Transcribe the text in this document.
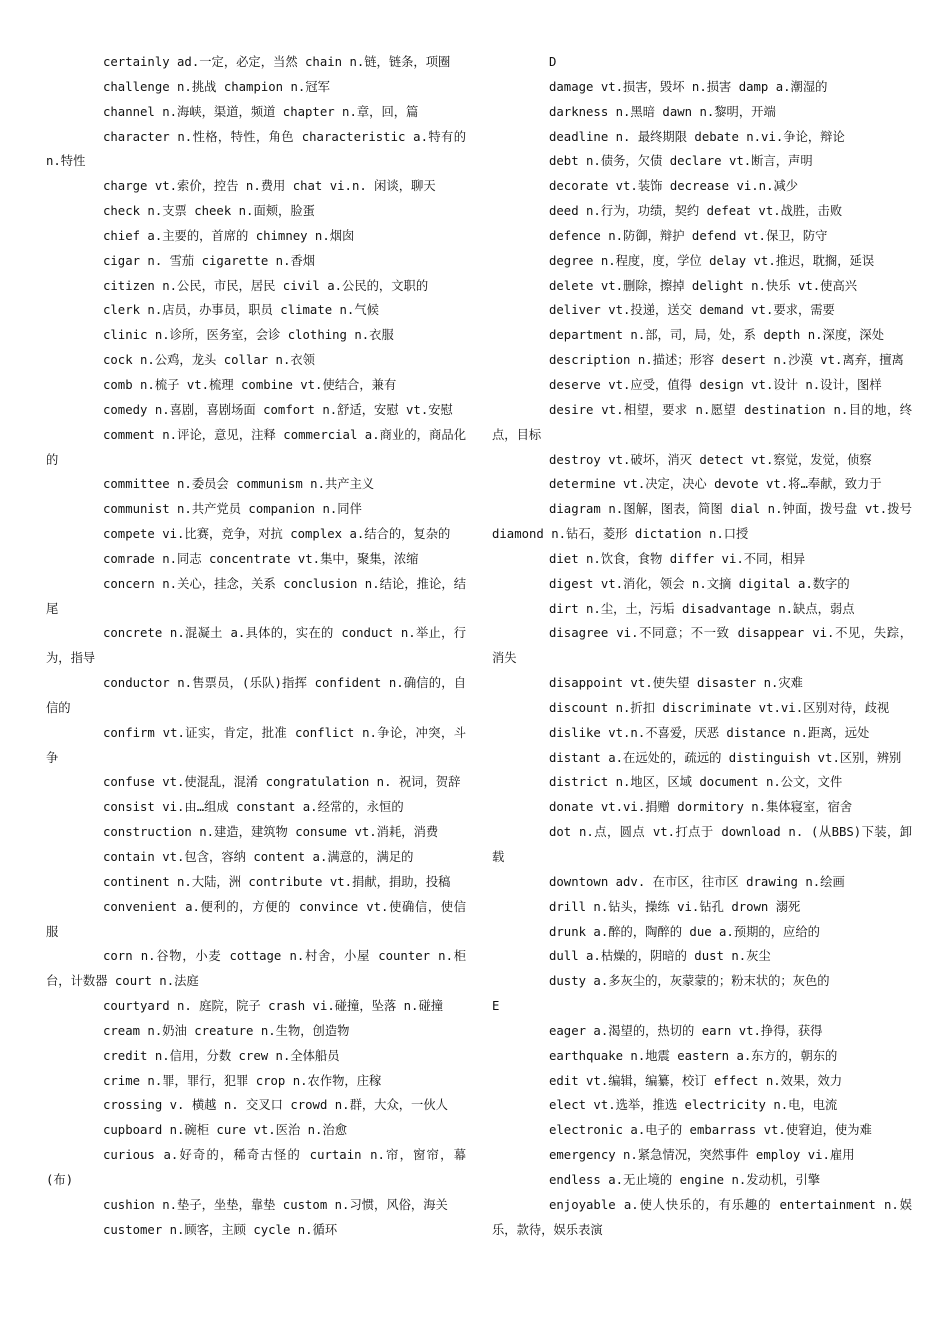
certainly ad.一定，必定，当然 chain n.链，链条，项圈

challenge n.挑战 champion n.冠军

channel n.海峡，渠道，频道 chapter n.章，回，篇

character n.性格，特性，角色 characteristic a.特有的 n.特性

charge vt.索价，控告 n.费用 chat vi.n. 闲谈，聊天

check n.支票 cheek n.面颊，脸蛋

chief a.主要的，首席的 chimney n.烟囱

cigar n. 雪茄 cigarette n.香烟

citizen n.公民，市民，居民 civil a.公民的，文职的

clerk n.店员，办事员，职员 climate n.气候

clinic n.诊所，医务室，会诊 clothing n.衣服

cock n.公鸡，龙头 collar n.衣领

comb n.梳子 vt.梳理 combine vt.使结合，兼有

comedy n.喜剧，喜剧场面 comfort n.舒适，安慰 vt.安慰

comment n.评论，意见，注释 commercial a.商业的，商品化的

committee n.委员会 communism n.共产主义

communist n.共产党员 companion n.同伴

compete vi.比赛，竞争，对抗 complex a.结合的，复杂的

comrade n.同志 concentrate vt.集中，聚集，浓缩

concern n.关心，挂念，关系 conclusion n.结论，推论，结尾

concrete n.混凝土 a.具体的，实在的 conduct n.举止，行为，指导

conductor n.售票员，(乐队)指挥 confident n.确信的，自信的

confirm vt.证实，肯定，批准 conflict n.争论，冲突，斗争

confuse vt.使混乱，混淆 congratulation n. 祝词，贺辞

consist vi.由…组成 constant a.经常的，永恒的

construction n.建造，建筑物 consume vt.消耗，消费

contain vt.包含，容纳 content a.满意的，满足的

continent n.大陆，洲 contribute vt.捐献，捐助，投稿

convenient a.便利的，方便的 convince vt.使确信，使信服

corn n.谷物，小麦 cottage n.村舍，小屋 counter n.柜台，计数器 court n.法庭

courtyard n. 庭院，院子 crash vi.碰撞，坠落 n.碰撞

cream n.奶油 creature n.生物，创造物

credit n.信用，分数 crew n.全体船员

crime n.罪，罪行，犯罪 crop n.农作物，庄稼

crossing v. 横越 n. 交叉口 crowd n.群，大众，一伙人

cupboard n.碗柜 cure vt.医治 n.治愈

curious a.好奇的，稀奇古怪的 curtain n.帘，窗帘，幕(布)

cushion n.垫子，坐垫，靠垫 custom n.习惯，风俗，海关

customer n.顾客，主顾 cycle n.循环

D

damage vt.损害，毁坏 n.损害 damp a.潮湿的

darkness n.黑暗 dawn n.黎明，开端

deadline n. 最终期限 debate n.vi.争论，辩论

debt n.债务，欠债 declare vt.断言，声明

decorate vt.装饰 decrease vi.n.减少

deed n.行为，功绩，契约 defeat vt.战胜，击败

defence n.防御，辩护 defend vt.保卫，防守

degree n.程度，度，学位 delay vt.推迟，耽搁，延误

delete vt.删除，擦掉 delight n.快乐 vt.使高兴

deliver vt.投递，送交 demand vt.要求，需要

department n.部，司，局，处，系 depth n.深度，深处

description n.描述；形容 desert n.沙漠 vt.离弃，擅离

deserve vt.应受，值得 design vt.设计 n.设计，图样

desire vt.相望，要求 n.愿望 destination n.目的地，终点，目标

destroy vt.破坏，消灭 detect vt.察觉，发觉，侦察

determine vt.决定，决心 devote vt.将…奉献，致力于

diagram n.图解，图表，简图 dial n.钟面，拨号盘 vt.拨号 diamond n.钻石，菱形 dictation n.口授

diet n.饮食，食物 differ vi.不同，相异

digest vt.消化，领会 n.文摘 digital a.数字的

dirt n.尘，土，污垢 disadvantage n.缺点，弱点

disagree vi.不同意；不一致 disappear vi.不见，失踪，消失

disappoint vt.使失望 disaster n.灾难

discount n.折扣 discriminate vt.vi.区别对待，歧视

dislike vt.n.不喜爱，厌恶 distance n.距离，远处

distant a.在远处的，疏远的 distinguish vt.区别，辨别

district n.地区，区域 document n.公文，文件

donate vt.vi.捐赠 dormitory n.集体寝室，宿舍

dot n.点，圆点 vt.打点于 download n. (从BBS)下装，卸载

downtown adv. 在市区，往市区 drawing n.绘画

drill n.钻头，操练 vi.钻孔 drown 溺死

drunk a.醉的，陶醉的 due a.预期的，应给的

dull a.枯燥的，阴暗的 dust n.灰尘

dusty a.多灰尘的，灰蒙蒙的；粉末状的；灰色的

E

eager a.渴望的，热切的 earn vt.挣得，获得

earthquake n.地震 eastern a.东方的，朝东的

edit vt.编辑，编纂，校订 effect n.效果，效力

elect vt.选举，推选 electricity n.电，电流

electronic a.电子的 embarrass vt.使窘迫，使为难

emergency n.紧急情况，突然事件 employ vi.雇用

endless a.无止境的 engine n.发动机，引擎

enjoyable a.使人快乐的，有乐趣的 entertainment n.娱乐，款待，娱乐表演
